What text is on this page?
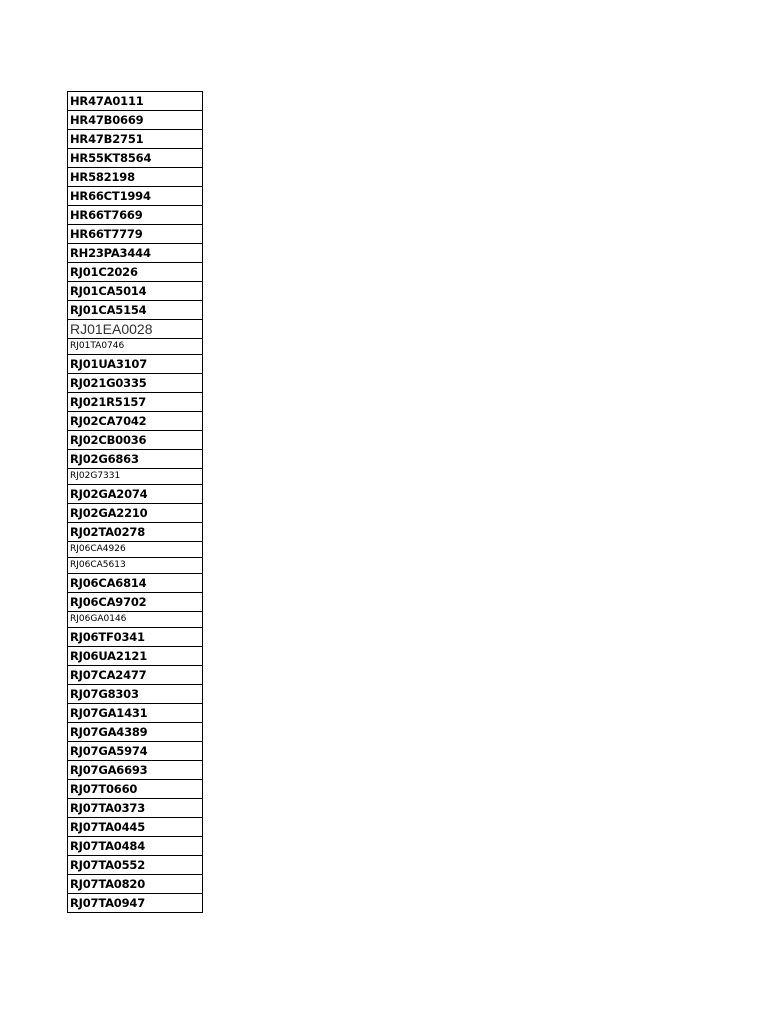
HR47A0111
HR47B0669
HR47B2751
HR55KT8564
HR582198
HR66CT1994
HR66T7669
HR66T7779
RH23PA3444
RJ01C2026
RJ01CA5014
RJ01CA5154
RJ01EA0028
RJ01TA0746
RJ01UA3107
RJ021G0335
RJ021R5157
RJ02CA7042
RJ02CB0036
RJ02G6863
RJ02G7331
RJ02GA2074
RJ02GA2210
RJ02TA0278
RJ06CA4926
RJ06CA5613
RJ06CA6814
RJ06CA9702
RJ06GA0146
RJ06TF0341
RJ06UA2121
RJ07CA2477
RJ07G8303
RJ07GA1431
RJ07GA4389
RJ07GA5974
RJ07GA6693
RJ07T0660
RJ07TA0373
RJ07TA0445
RJ07TA0484
RJ07TA0552
RJ07TA0820
RJ07TA0947
